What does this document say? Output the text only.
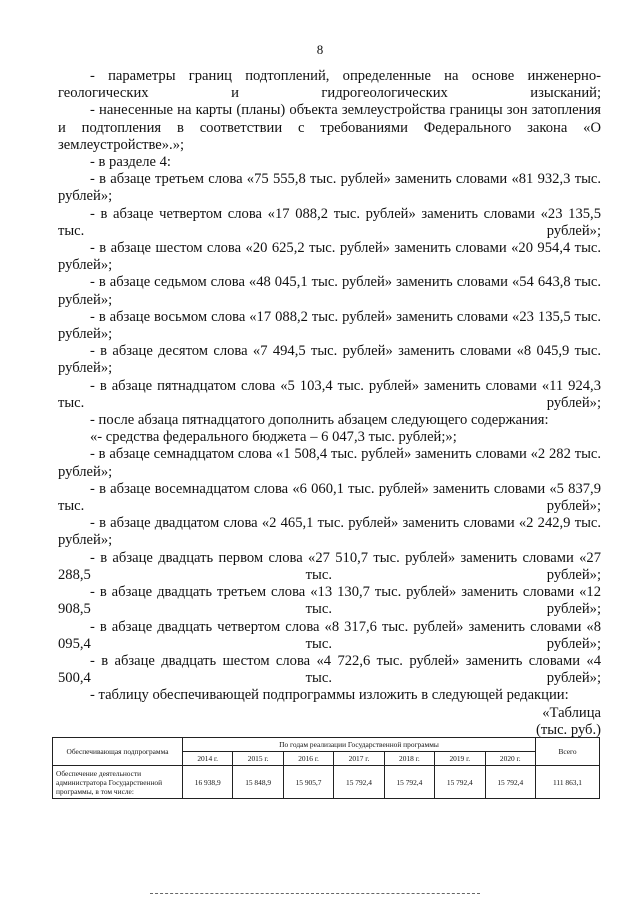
8

- параметры границ подтоплений, определенные на основе инженерно-геологических и гидрогеологических изысканий;

- нанесенные на карты (планы) объекта землеустройства границы зон затопления и подтопления в соответствии с требованиями Федерального закона «О землеустройстве».»;

- в разделе 4:

- в абзаце третьем слова «75 555,8 тыс. рублей» заменить словами «81 932,3 тыс. рублей»;

- в абзаце четвертом слова «17 088,2 тыс. рублей» заменить словами «23 135,5 тыс. рублей»;

- в абзаце шестом слова «20 625,2 тыс. рублей» заменить словами «20 954,4 тыс. рублей»;

- в абзаце седьмом слова «48 045,1 тыс. рублей» заменить словами «54 643,8 тыс. рублей»;

- в абзаце восьмом слова «17 088,2 тыс. рублей» заменить словами «23 135,5 тыс. рублей»;

- в абзаце десятом слова «7 494,5 тыс. рублей» заменить словами «8 045,9 тыс. рублей»;

- в абзаце пятнадцатом слова «5 103,4 тыс. рублей» заменить словами «11 924,3 тыс. рублей»;

- после абзаца пятнадцатого дополнить абзацем следующего содержания:

«- средства федерального бюджета – 6 047,3 тыс. рублей;»;

- в абзаце семнадцатом слова «1 508,4 тыс. рублей» заменить словами «2 282 тыс. рублей»;

- в абзаце восемнадцатом слова «6 060,1 тыс. рублей» заменить словами «5 837,9 тыс. рублей»;

- в абзаце двадцатом слова «2 465,1 тыс. рублей» заменить словами «2 242,9 тыс. рублей»;

- в абзаце двадцать первом слова «27 510,7 тыс. рублей» заменить словами «27 288,5 тыс. рублей»;

- в абзаце двадцать третьем слова «13 130,7 тыс. рублей» заменить словами «12 908,5 тыс. рублей»;

- в абзаце двадцать четвертом слова «8 317,6 тыс. рублей» заменить словами «8 095,4 тыс. рублей»;

- в абзаце двадцать шестом слова «4 722,6 тыс. рублей» заменить словами «4 500,4 тыс. рублей»;

- таблицу обеспечивающей подпрограммы изложить в следующей редакции:

«Таблица

(тыс. руб.)

Обеспечивающая подпрограмма	По годам реализации Государственной программы							Всего
	2014 г.	2015 г.	2016 г.	2017 г.	2018 г.	2019 г.	2020 г.	
Обеспечение деятельности администратора Государственной программы, в том числе:	16 938,9	15 848,9	15 905,7	15 792,4	15 792,4	15 792,4	15 792,4	111 863,1
